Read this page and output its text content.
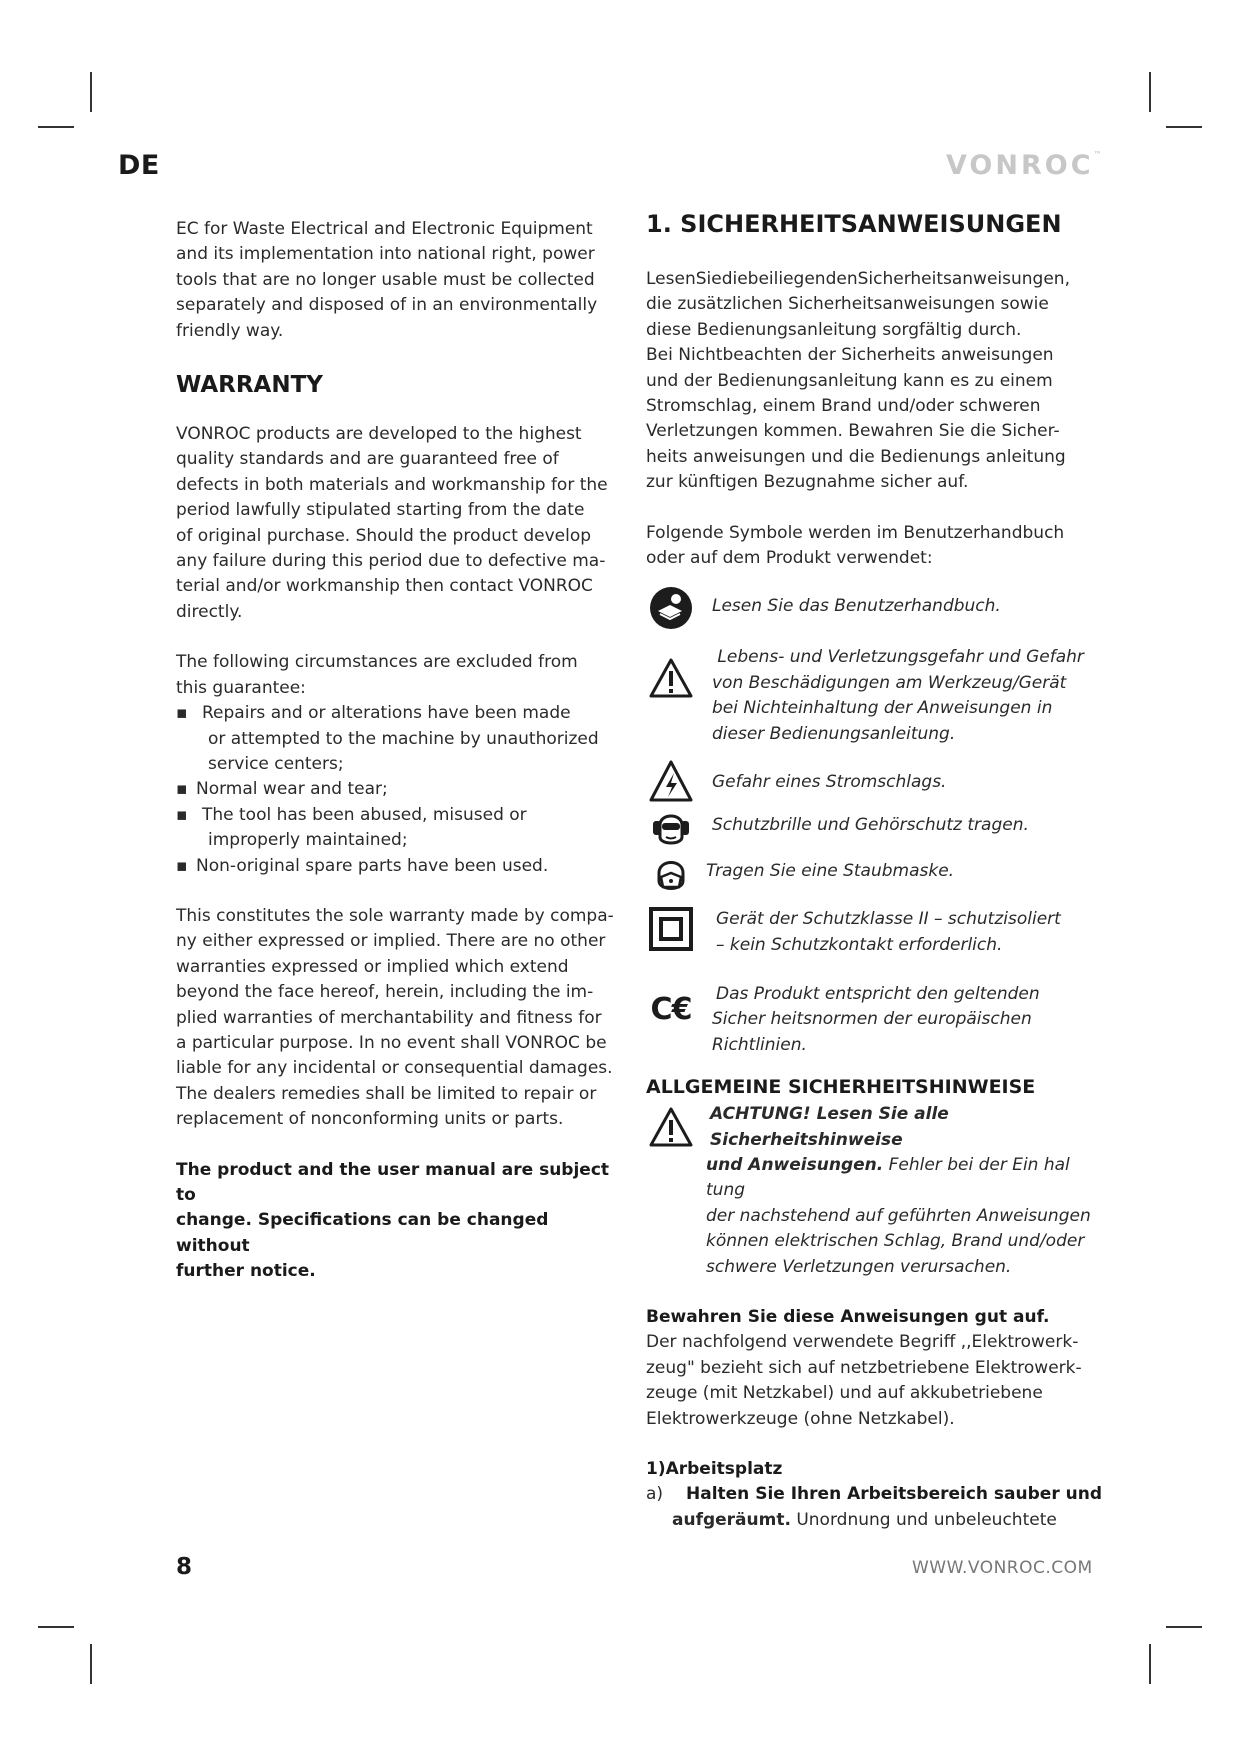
DE	VONROC™

EC for Waste Electrical and Electronic Equipment

and its implementation into national right, power

tools that are no longer usable must be collected

separately and disposed of in an environmentally

friendly way.

WARRANTY

VONROC products are developed to the highest

quality standards and are guaranteed free of

defects in both materials and workmanship for the

period lawfully stipulated starting from the date

of original purchase. Should the product develop

any failure during this period due to defective ma-

terial and/or workmanship then contact VONROC

directly.

The following circumstances are excluded from

this guarantee:

▪ Repairs and or alterations have been made
or attempted to the machine by unauthorized
service centers;
▪ Normal wear and tear;
▪ The tool has been abused, misused or
improperly maintained;
▪ Non-original spare parts have been used.

This constitutes the sole warranty made by compa-

ny either expressed or implied. There are no other

warranties expressed or implied which extend

beyond the face hereof, herein, including the im-

plied warranties of merchantability and fitness for

a particular purpose. In no event shall VONROC be

liable for any incidental or consequential damages.

The dealers remedies shall be limited to repair or

replacement of nonconforming units or parts.

The product and the user manual are subject to

change. Specifications can be changed without

further notice.

1. SICHERHEITSANWEISUNGEN

LesenSiediebeiliegendenSicherheitsanweisungen,

die zusätzlichen Sicherheitsanweisungen sowie

diese Bedienungsanleitung sorgfältig durch.

Bei Nichtbeachten der Sicherheits anweisungen

und der Bedienungsanleitung kann es zu einem

Stromschlag, einem Brand und/oder schweren

Verletzungen kommen. Bewahren Sie die Sicher-

heits anweisungen und die Bedienungs anleitung

zur künftigen Bezugnahme sicher auf.

Folgende Symbole werden im Benutzerhandbuch

oder auf dem Produkt verwendet:

Lesen Sie das Benutzerhandbuch.
Lebens- und Verletzungsgefahr und Gefahr
von Beschädigungen am Werkzeug/Gerät
bei Nichteinhaltung der Anweisungen in
dieser Bedienungsanleitung.
Gefahr eines Stromschlags.
Schutzbrille und Gehörschutz tragen.
Tragen Sie eine Staubmaske.
Gerät der Schutzklasse II – schutzisoliert
– kein Schutzkontakt erforderlich.
C€ Das Produkt entspricht den geltenden
Sicher heitsnormen der europäischen
Richtlinien.
ALLGEMEINE SICHERHEITSHINWEISE
ACHTUNG! Lesen Sie alle Sicherheitshinweise
und Anweisungen. Fehler bei der Ein hal tung
der nachstehend auf geführten Anweisungen
können elektrischen Schlag, Brand und/oder
schwere Verletzungen verursachen.

Bewahren Sie diese Anweisungen gut auf.

Der nachfolgend verwendete Begriff ,,Elektrowerk-

zeug" bezieht sich auf netzbetriebene Elektrowerk-

zeuge (mit Netzkabel) und auf akkubetriebene

Elektrowerkzeuge (ohne Netzkabel).

1)Arbeitsplatz

a)	Halten Sie Ihren Arbeitsbereich sauber und
aufgeräumt. Unordnung und unbeleuchtete
8	WWW.VONROC.COM
